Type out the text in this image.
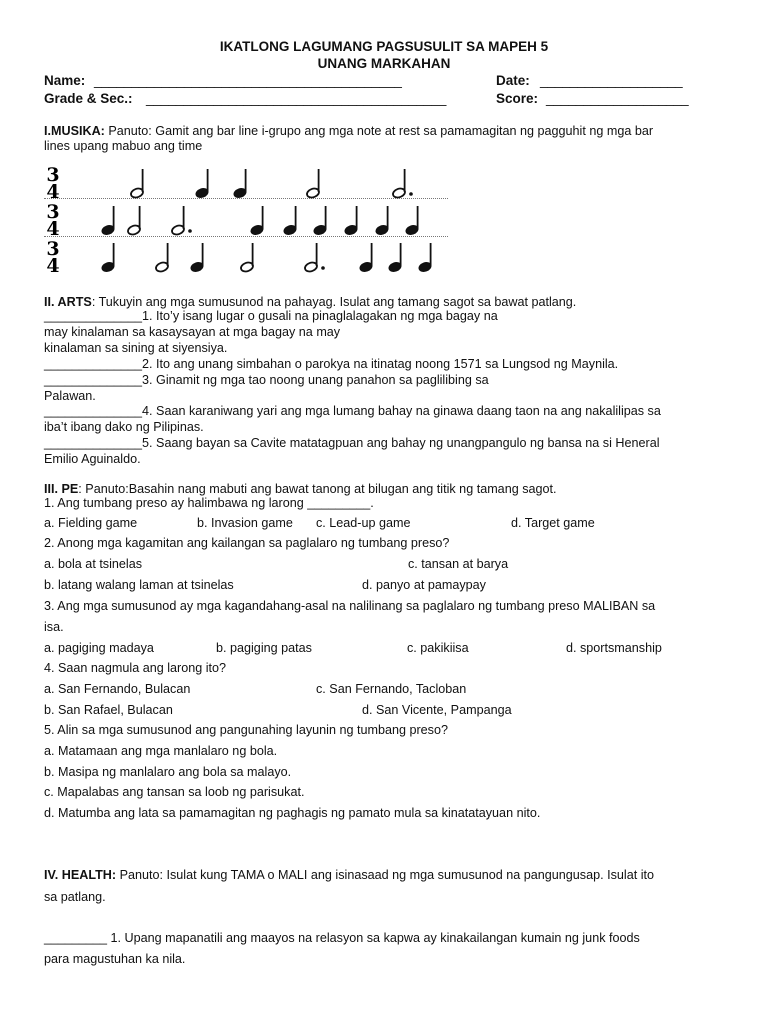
IKATLONG LAGUMANG PAGSUSULIT SA MAPEH 5
UNANG MARKAHAN
Name: _________________________________________	Date: ___________________
Grade & Sec.: ________________________________________	Score: ___________________
I.MUSIKA: Panuto: Gamit ang bar line i-grupo ang mga note at rest sa pamamagitan ng pagguhit ng mga bar
lines upang mabuo ang time
3
4
3
4
3
4
II. ARTS: Tukuyin ang mga sumusunod na pahayag. Isulat ang tamang sagot sa bawat patlang.
______________1. Ito’y isang lugar o gusali na pinaglalagakan ng mga bagay na
may kinalaman sa kasaysayan at mga bagay na may
kinalaman sa sining at siyensiya.
______________2. Ito ang unang simbahan o parokya na itinatag noong 1571 sa Lungsod ng Maynila.
______________3. Ginamit ng mga tao noong unang panahon sa paglilibing sa
Palawan.
______________4. Saan karaniwang yari ang mga lumang bahay na ginawa daang taon na ang nakalilipas sa
iba’t ibang dako ng Pilipinas.
______________5. Saang bayan sa Cavite matatagpuan ang bahay ng unangpangulo ng bansa na si Heneral
Emilio Aguinaldo.
III. PE: Panuto:Basahin nang mabuti ang bawat tanong at bilugan ang titik ng tamang sagot.
1. Ang tumbang preso ay halimbawa ng larong _________.
a. Fielding game	b. Invasion game c. Lead-up game	d. Target game
2. Anong mga kagamitan ang kailangan sa paglalaro ng tumbang preso?
a. bola at tsinelas	c. tansan at barya
b. latang walang laman at tsinelas	d. panyo at pamaypay
3. Ang mga sumusunod ay mga kagandahang-asal na nalilinang sa paglalaro ng tumbang preso MALIBAN sa
isa.
a. pagiging madaya	b. pagiging patas	c. pakikiisa	d. sportsmanship
4. Saan nagmula ang larong ito?
a. San Fernando, Bulacan	c. San Fernando, Tacloban
b. San Rafael, Bulacan	d. San Vicente, Pampanga
5. Alin sa mga sumusunod ang pangunahing layunin ng tumbang preso?
a. Matamaan ang mga manlalaro ng bola.
b. Masipa ng manlalaro ang bola sa malayo.
c. Mapalabas ang tansan sa loob ng parisukat.
d. Matumba ang lata sa pamamagitan ng paghagis ng pamato mula sa kinatatayuan nito.
IV. HEALTH: Panuto: Isulat kung TAMA o MALI ang isinasaad ng mga sumusunod na pangungusap. Isulat ito
sa patlang.
_________ 1. Upang mapanatili ang maayos na relasyon sa kapwa ay kinakailangan kumain ng junk foods
para magustuhan ka nila.
